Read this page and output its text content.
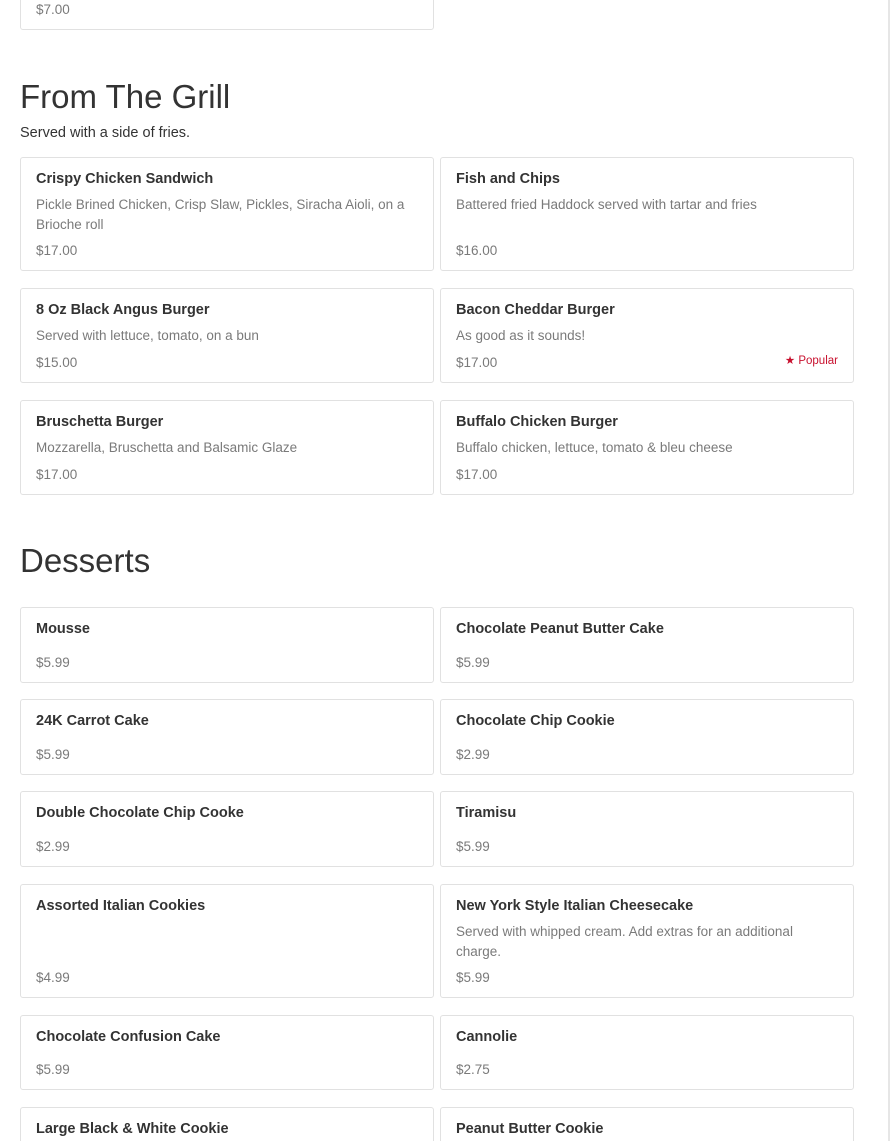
$7.00
From The Grill

Served with a side of fries.

Crispy Chicken Sandwich
Pickle Brined Chicken, Crisp Slaw, Pickles, Siracha Aioli, on a Brioche roll
$17.00
Fish and Chips
Battered fried Haddock served with tartar and fries
$16.00
8 Oz Black Angus Burger
Served with lettuce, tomato, on a bun
$15.00
Bacon Cheddar Burger
As good as it sounds!
$17.00	★ Popular
Bruschetta Burger
Mozzarella, Bruschetta and Balsamic Glaze
$17.00
Buffalo Chicken Burger
Buffalo chicken, lettuce, tomato & bleu cheese
$17.00
Desserts
Mousse
$5.99
Chocolate Peanut Butter Cake
$5.99
24K Carrot Cake
$5.99
Chocolate Chip Cookie
$2.99
Double Chocolate Chip Cooke
$2.99
Tiramisu
$5.99
Assorted Italian Cookies
$4.99
New York Style Italian Cheesecake
Served with whipped cream. Add extras for an additional charge.
$5.99
Chocolate Confusion Cake
$5.99
Cannolie
$2.75
Large Black & White Cookie	Peanut Butter Cookie
